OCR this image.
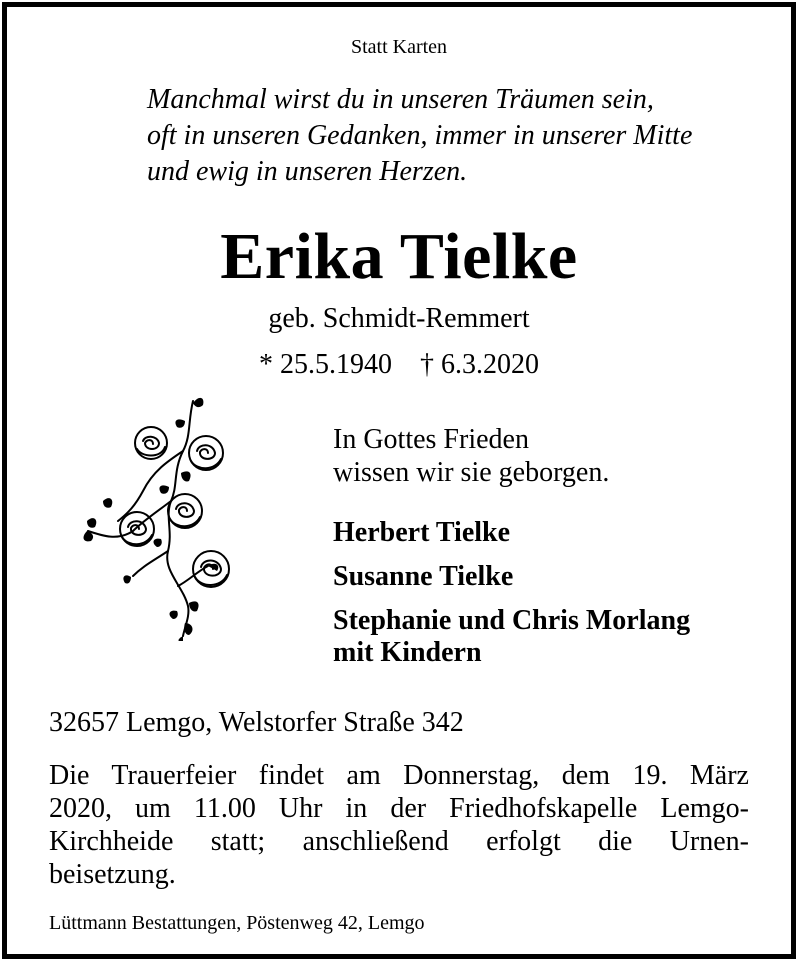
Statt Karten

Manchmal wirst du in unseren Träumen sein,
oft in unseren Gedanken, immer in unserer Mitte
und ewig in unseren Herzen.
Erika Tielke
geb. Schmidt-Remmert
* 25.5.1940 † 6.3.2020
In Gottes Frieden
wissen wir sie geborgen.
Herbert Tielke
Susanne Tielke
Stephanie und Chris Morlang
mit Kindern
32657 Lemgo, Welstorfer Straße 342
Die Trauerfeier findet am Donnerstag, dem 19. März
2020, um 11.00 Uhr in der Friedhofskapelle Lemgo-
Kirchheide statt; anschließend erfolgt die Urnen-
beisetzung.
Lüttmann Bestattungen, Pöstenweg 42, Lemgo
